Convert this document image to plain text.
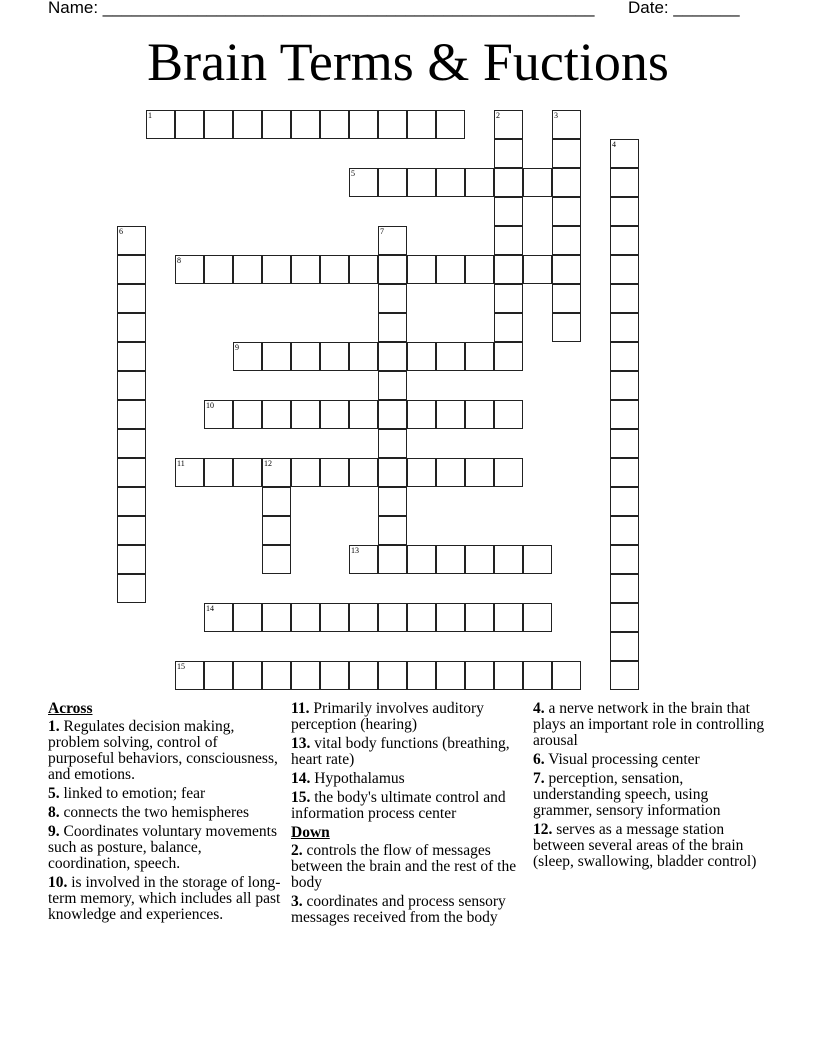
Name: ____________________________________________________ Date: _______
Brain Terms & Fuctions
1	2	3
4
5
6	7
8
9
10
11	12
13
14
15
Across
1. Regulates decision making, problem solving, control of purposeful behaviors, consciousness, and emotions.
5. linked to emotion; fear
8. connects the two hemispheres
9. Coordinates voluntary movements such as posture, balance, coordination, speech.
10. is involved in the storage of long-term memory, which includes all past knowledge and experiences.
11. Primarily involves auditory perception (hearing)
13. vital body functions (breathing, heart rate)
14. Hypothalamus
15. the body's ultimate control and information process center
Down
2. controls the flow of messages between the brain and the rest of the body
3. coordinates and process sensory messages received from the body
4. a nerve network in the brain that plays an important role in controlling arousal
6. Visual processing center
7. perception, sensation, understanding speech, using grammer, sensory information
12. serves as a message station between several areas of the brain (sleep, swallowing, bladder control)
